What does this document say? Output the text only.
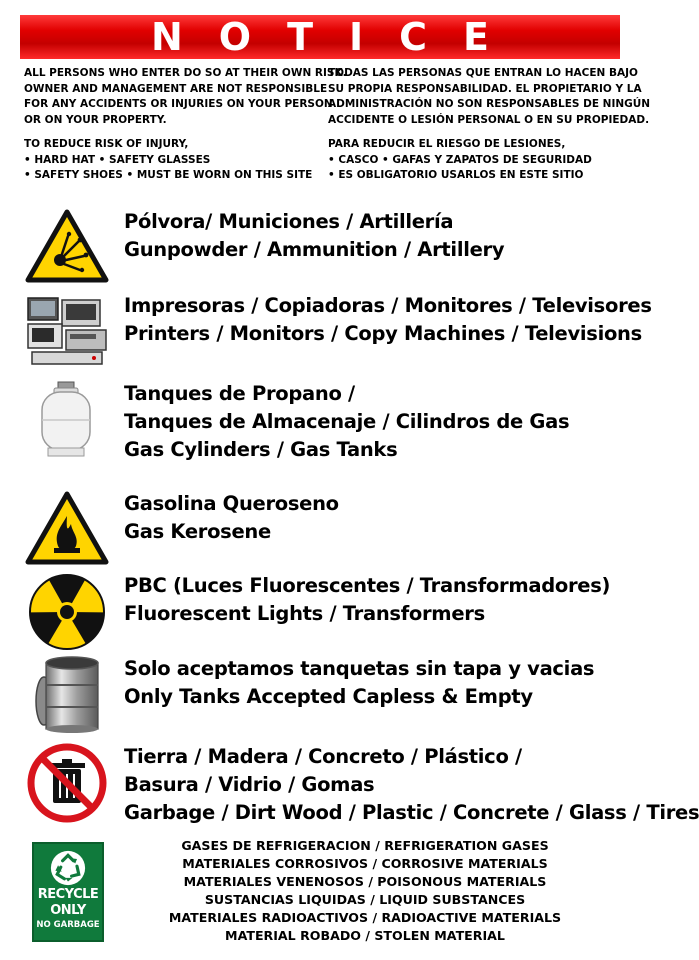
NOTICE
ALL PERSONS WHO ENTER DO SO AT THEIR OWN RISK.
OWNER AND MANAGEMENT ARE NOT RESPONSIBLE
FOR ANY ACCIDENTS OR INJURIES ON YOUR PERSON
OR ON YOUR PROPERTY.
TO REDUCE RISK OF INJURY,
• HARD HAT • SAFETY GLASSES
• SAFETY SHOES • MUST BE WORN ON THIS SITE
TODAS LAS PERSONAS QUE ENTRAN LO HACEN BAJO
SU PROPIA RESPONSABILIDAD. EL PROPIETARIO Y LA
ADMINISTRACIÓN NO SON RESPONSABLES DE NINGÚN
ACCIDENTE O LESIÓN PERSONAL O EN SU PROPIEDAD.
PARA REDUCIR EL RIESGO DE LESIONES,
• CASCO • GAFAS Y ZAPATOS DE SEGURIDAD
• ES OBLIGATORIO USARLOS EN ESTE SITIO
Pólvora/ Municiones / Artillería
Gunpowder / Ammunition / Artillery
Impresoras / Copiadoras / Monitores / Televisores
Printers / Monitors / Copy Machines / Televisions
Tanques de Propano /
Tanques de Almacenaje / Cilindros de Gas
Gas Cylinders / Gas Tanks
Gasolina Queroseno
Gas Kerosene
PBC (Luces Fluorescentes / Transformadores)
Fluorescent Lights / Transformers
Solo aceptamos tanquetas sin tapa y vacias
Only Tanks Accepted Capless & Empty
Tierra / Madera / Concreto / Plástico /
Basura / Vidrio / Gomas
Garbage / Dirt Wood / Plastic / Concrete / Glass / Tires
RECYCLE
ONLY
NO GARBAGE
GASES DE REFRIGERACION / REFRIGERATION GASES
MATERIALES CORROSIVOS / CORROSIVE MATERIALS
MATERIALES VENENOSOS / POISONOUS MATERIALS
SUSTANCIAS LIQUIDAS / LIQUID SUBSTANCES
MATERIALES RADIOACTIVOS / RADIOACTIVE MATERIALS
MATERIAL ROBADO / STOLEN MATERIAL
